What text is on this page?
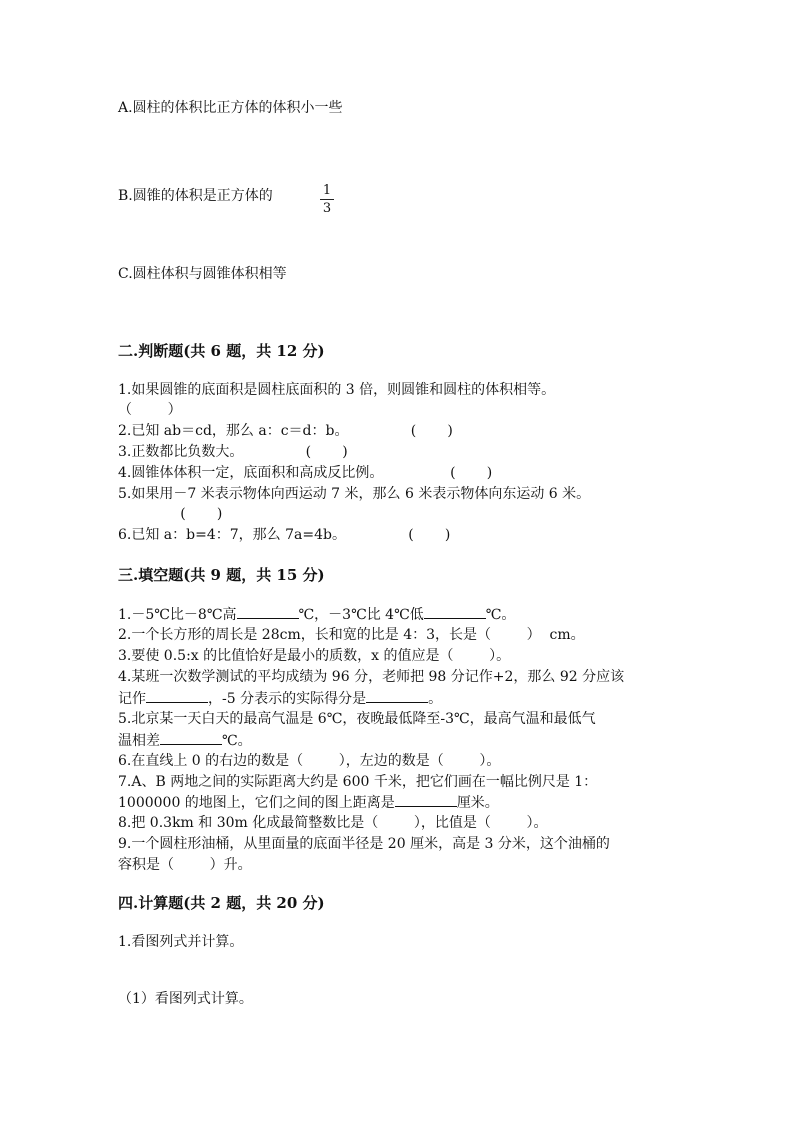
A.圆柱的体积比正方体的体积小一些
B.圆锥的体积是正方体的	1
3
C.圆柱体积与圆锥体积相等
二.判断题(共 6 题，共 12 分)
1.如果圆锥的底面积是圆柱底面积的 3 倍，则圆锥和圆柱的体积相等。
（        ）
2.已知 ab＝cd，那么 a：c＝d：b。              (       )
3.正数都比负数大。              (       )
4.圆锥体体积一定，底面积和高成反比例。               (       )
5.如果用－7 米表示物体向西运动 7 米，那么 6 米表示物体向东运动 6 米。
(       )
6.已知 a：b=4：7，那么 7a=4b。              (       )
三.填空题(共 9 题，共 15 分)
1.－5℃比－8℃高	℃，－3℃比 4℃低	℃。
2.一个长方形的周长是 28cm，长和宽的比是 4：3，长是（        ）  cm。
3.要使 0.5:x 的比值恰好是最小的质数，x 的值应是（        ）。
4.某班一次数学测试的平均成绩为 96 分，老师把 98 分记作+2，那么 92 分应该
记作	，-5 分表示的实际得分是	。
5.北京某一天白天的最高气温是 6℃，夜晚最低降至-3℃，最高气温和最低气
温相差	℃。
6.在直线上 0 的右边的数是（        ），左边的数是（        ）。
7.A、B 两地之间的实际距离大约是 600 千米，把它们画在一幅比例尺是 1：
1000000 的地图上，它们之间的图上距离是	厘米。
8.把 0.3km 和 30m 化成最简整数比是（        ），比值是（        ）。
9.一个圆柱形油桶，从里面量的底面半径是 20 厘米，高是 3 分米，这个油桶的
容积是（        ）升。
四.计算题(共 2 题，共 20 分)
1.看图列式并计算。
（1）看图列式计算。
